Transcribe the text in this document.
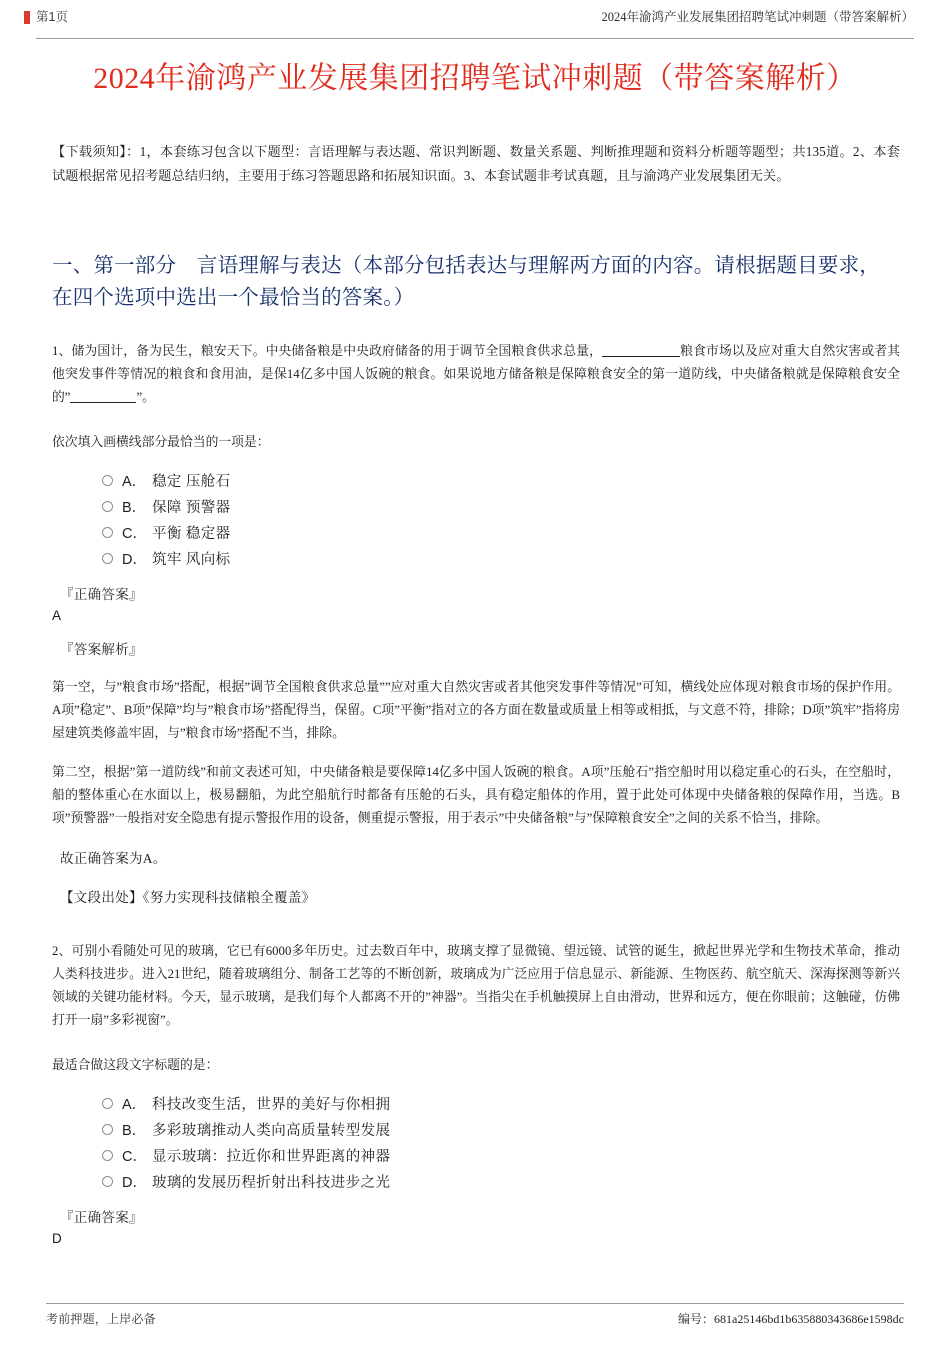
第1页	2024年渝鸿产业发展集团招聘笔试冲刺题（带答案解析）
2024年渝鸿产业发展集团招聘笔试冲刺题（带答案解析）

【下载须知】：1，本套练习包含以下题型：言语理解与表达题、常识判断题、数量关系题、判断推理题和资料分析题等题型；共135道。2、本套试题根据常见招考题总结归纳，主要用于练习答题思路和拓展知识面。3、本套试题非考试真题，且与渝鸿产业发展集团无关。

一、第一部分　言语理解与表达（本部分包括表达与理解两方面的内容。请根据题目要求，在四个选项中选出一个最恰当的答案。）

1、储为国计，备为民生，粮安天下。中央储备粮是中央政府储备的用于调节全国粮食供求总量，	粮食市场以及应对重大自然灾害或者其他突发事件等情况的粮食和食用油，是保14亿多中国人饭碗的粮食。如果说地方储备粮是保障粮食安全的第一道防线，中央储备粮就是保障粮食安全的”	”。

依次填入画横线部分最恰当的一项是：

A． 稳定 压舱石
B． 保障 预警器
C． 平衡 稳定器
D． 筑牢 风向标

『正确答案』

A

『答案解析』

第一空，与”粮食市场”搭配，根据”调节全国粮食供求总量””应对重大自然灾害或者其他突发事件等情况”可知，横线处应体现对粮食市场的保护作用。A项”稳定”、B项”保障”均与”粮食市场”搭配得当，保留。C项”平衡”指对立的各方面在数量或质量上相等或相抵，与文意不符，排除；D项”筑牢”指将房屋建筑类修盖牢固，与”粮食市场”搭配不当，排除。

第二空，根据”第一道防线”和前文表述可知，中央储备粮是要保障14亿多中国人饭碗的粮食。A项”压舱石”指空船时用以稳定重心的石头，在空船时，船的整体重心在水面以上，极易翻船，为此空船航行时都备有压舱的石头，具有稳定船体的作用，置于此处可体现中央储备粮的保障作用，当选。B项”预警器”一般指对安全隐患有提示警报作用的设备，侧重提示警报，用于表示”中央储备粮”与”保障粮食安全”之间的关系不恰当，排除。

故正确答案为A。

【文段出处】《努力实现科技储粮全覆盖》

2、可别小看随处可见的玻璃，它已有6000多年历史。过去数百年中，玻璃支撑了显微镜、望远镜、试管的诞生，掀起世界光学和生物技术革命，推动人类科技进步。进入21世纪，随着玻璃组分、制备工艺等的不断创新，玻璃成为广泛应用于信息显示、新能源、生物医药、航空航天、深海探测等新兴领域的关键功能材料。今天，显示玻璃，是我们每个人都离不开的”神器”。当指尖在手机触摸屏上自由滑动，世界和远方，便在你眼前；这触碰，仿佛打开一扇”多彩视窗”。

最适合做这段文字标题的是：

A． 科技改变生活，世界的美好与你相拥
B． 多彩玻璃推动人类向高质量转型发展
C． 显示玻璃：拉近你和世界距离的神器
D． 玻璃的发展历程折射出科技进步之光

『正确答案』

D

考前押题，上岸必备	编号：681a25146bd1b635880343686e1598dc
